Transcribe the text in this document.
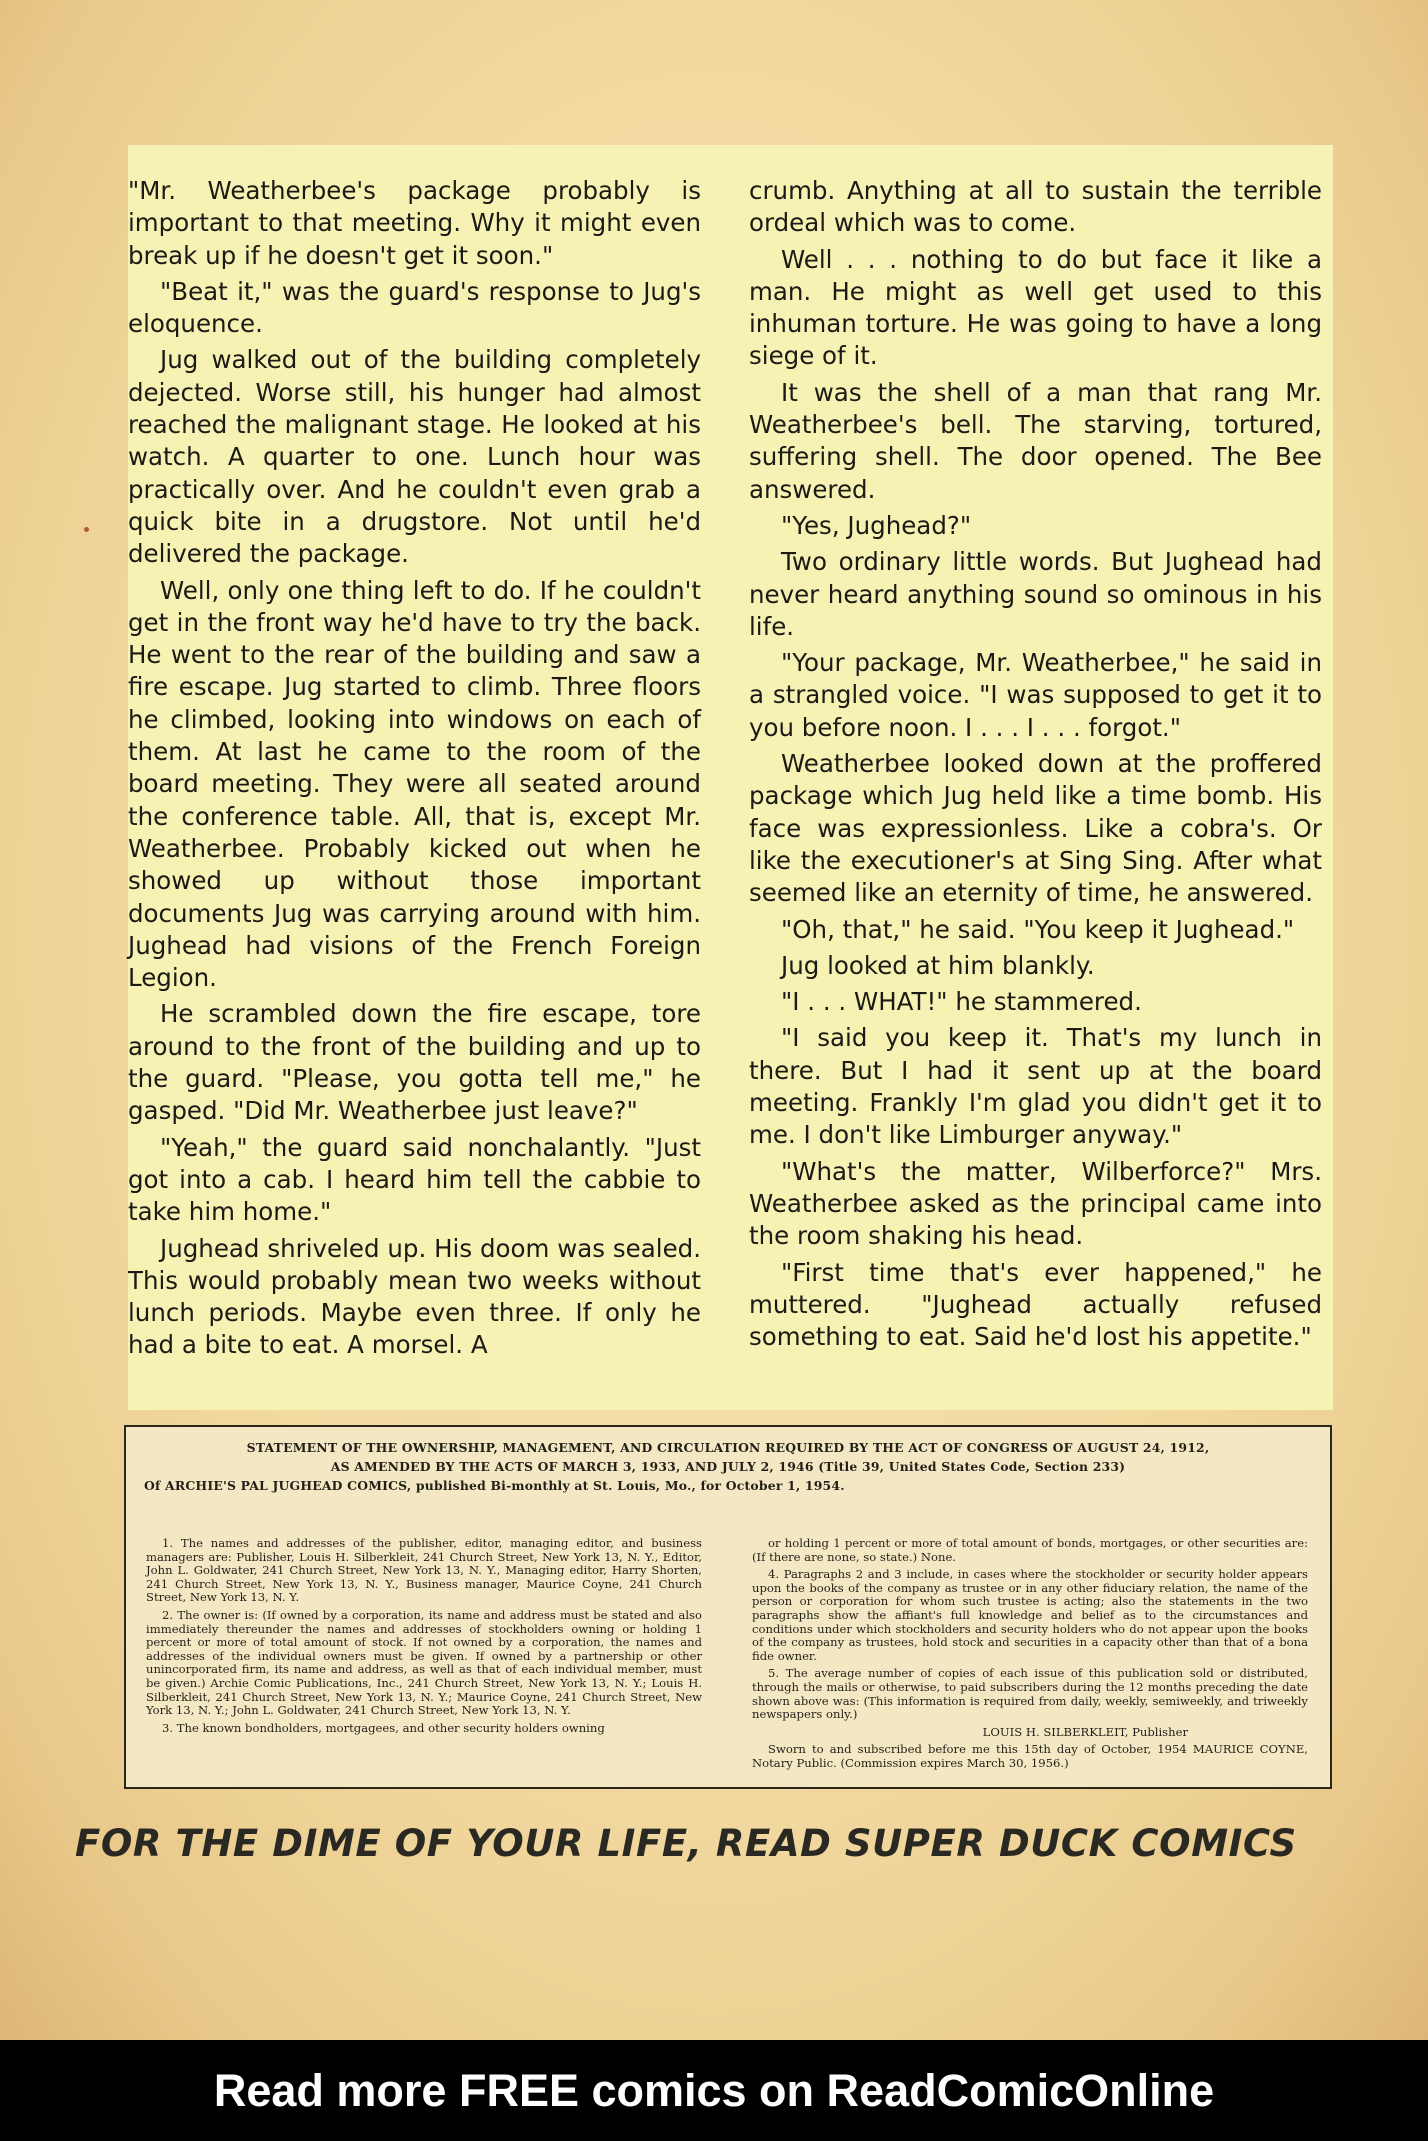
"Mr. Weatherbee's package probably is important to that meeting. Why it might even break up if he doesn't get it soon."

"Beat it," was the guard's response to Jug's eloquence.

Jug walked out of the building completely dejected. Worse still, his hunger had almost reached the malignant stage. He looked at his watch. A quarter to one. Lunch hour was practically over. And he couldn't even grab a quick bite in a drugstore. Not until he'd delivered the package.

Well, only one thing left to do. If he couldn't get in the front way he'd have to try the back. He went to the rear of the building and saw a fire escape. Jug started to climb. Three floors he climbed, looking into windows on each of them. At last he came to the room of the board meeting. They were all seated around the conference table. All, that is, except Mr. Weatherbee. Probably kicked out when he showed up without those important documents Jug was carrying around with him. Jughead had visions of the French Foreign Legion.

He scrambled down the fire escape, tore around to the front of the building and up to the guard. "Please, you gotta tell me," he gasped. "Did Mr. Weatherbee just leave?"

"Yeah," the guard said nonchalantly. "Just got into a cab. I heard him tell the cabbie to take him home."

Jughead shriveled up. His doom was sealed. This would probably mean two weeks without lunch periods. Maybe even three. If only he had a bite to eat. A morsel. A

crumb. Anything at all to sustain the terrible ordeal which was to come.

Well . . . nothing to do but face it like a man. He might as well get used to this inhuman torture. He was going to have a long siege of it.

It was the shell of a man that rang Mr. Weatherbee's bell. The starving, tortured, suffering shell. The door opened. The Bee answered.

"Yes, Jughead?"

Two ordinary little words. But Jughead had never heard anything sound so ominous in his life.

"Your package, Mr. Weatherbee," he said in a strangled voice. "I was supposed to get it to you before noon. I . . . I . . . forgot."

Weatherbee looked down at the proffered package which Jug held like a time bomb. His face was expressionless. Like a cobra's. Or like the executioner's at Sing Sing. After what seemed like an eternity of time, he answered.

"Oh, that," he said. "You keep it Jughead."

Jug looked at him blankly.

"I . . . WHAT!" he stammered.

"I said you keep it. That's my lunch in there. But I had it sent up at the board meeting. Frankly I'm glad you didn't get it to me. I don't like Limburger anyway."

"What's the matter, Wilberforce?" Mrs. Weatherbee asked as the principal came into the room shaking his head.

"First time that's ever happened," he muttered. "Jughead actually refused something to eat. Said he'd lost his appetite."

STATEMENT OF THE OWNERSHIP, MANAGEMENT, AND CIRCULATION REQUIRED BY THE ACT OF CONGRESS OF AUGUST 24, 1912,

AS AMENDED BY THE ACTS OF MARCH 3, 1933, AND JULY 2, 1946 (Title 39, United States Code, Section 233)

Of ARCHIE'S PAL JUGHEAD COMICS, published Bi-monthly at St. Louis, Mo., for October 1, 1954.

1. The names and addresses of the publisher, editor, managing editor, and business managers are: Publisher, Louis H. Silberkleit, 241 Church Street, New York 13, N. Y., Editor, John L. Goldwater, 241 Church Street, New York 13, N. Y., Managing editor, Harry Shorten, 241 Church Street, New York 13, N. Y., Business manager, Maurice Coyne, 241 Church Street, New York 13, N. Y.

2. The owner is: (If owned by a corporation, its name and address must be stated and also immediately thereunder the names and addresses of stockholders owning or holding 1 percent or more of total amount of stock. If not owned by a corporation, the names and addresses of the individual owners must be given. If owned by a partnership or other unincorporated firm, its name and address, as well as that of each individual member, must be given.) Archie Comic Publications, Inc., 241 Church Street, New York 13, N. Y.; Louis H. Silberkleit, 241 Church Street, New York 13, N. Y.; Maurice Coyne, 241 Church Street, New York 13, N. Y.; John L. Goldwater, 241 Church Street, New York 13, N. Y.

3. The known bondholders, mortgagees, and other security holders owning

or holding 1 percent or more of total amount of bonds, mortgages, or other securities are: (If there are none, so state.) None.

4. Paragraphs 2 and 3 include, in cases where the stockholder or security holder appears upon the books of the company as trustee or in any other fiduciary relation, the name of the person or corporation for whom such trustee is acting; also the statements in the two paragraphs show the affiant's full knowledge and belief as to the circumstances and conditions under which stockholders and security holders who do not appear upon the books of the company as trustees, hold stock and securities in a capacity other than that of a bona fide owner.

5. The average number of copies of each issue of this publication sold or distributed, through the mails or otherwise, to paid subscribers during the 12 months preceding the date shown above was: (This information is required from daily, weekly, semiweekly, and triweekly newspapers only.)

LOUIS H. SILBERKLEIT, Publisher

Sworn to and subscribed before me this 15th day of October, 1954 MAURICE COYNE, Notary Public. (Commission expires March 30, 1956.)

FOR THE DIME OF YOUR LIFE, READ SUPER DUCK COMICS
Read more FREE comics on ReadComicOnline
